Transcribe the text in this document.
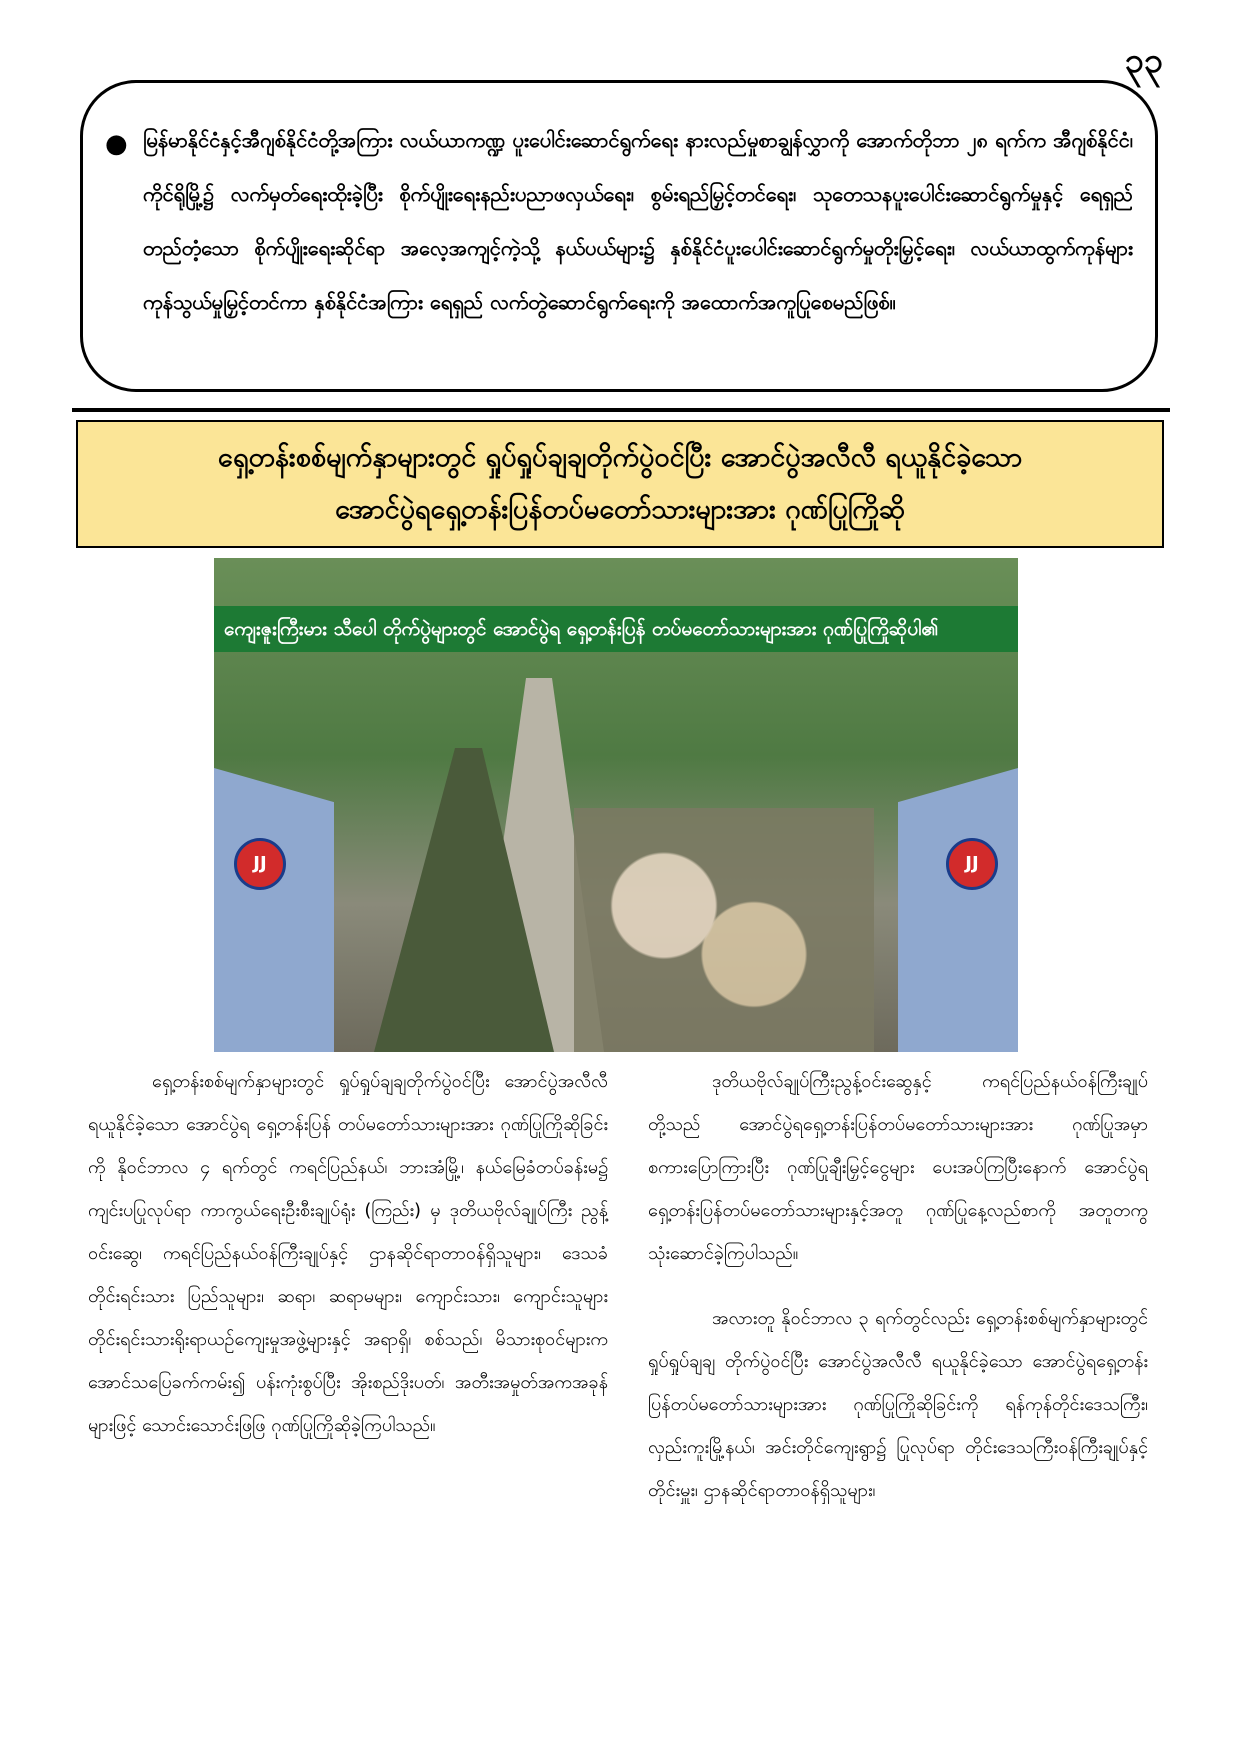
၃၃
● မြန်မာနိုင်ငံနှင့်အီဂျစ်နိုင်ငံတို့အကြား လယ်ယာကဏ္ဍ ပူးပေါင်းဆောင်ရွက်ရေး နားလည်မှုစာချွန်လွှာကို အောက်တိုဘာ ၂၈ ရက်က အီဂျစ်နိုင်ငံ၊ ကိုင်ရိုမြို့၌ လက်မှတ်ရေးထိုးခဲ့ပြီး စိုက်ပျိုးရေးနည်းပညာဖလှယ်ရေး၊ စွမ်းရည်မြှင့်တင်ရေး၊ သုတေသနပူးပေါင်းဆောင်ရွက်မှုနှင့် ရေရှည်တည်တံ့သော စိုက်ပျိုးရေးဆိုင်ရာ အလေ့အကျင့်ကဲ့သို့ နယ်ပယ်များ၌ နှစ်နိုင်ငံပူးပေါင်းဆောင်ရွက်မှုတိုးမြှင့်ရေး၊ လယ်ယာထွက်ကုန်များ ကုန်သွယ်မှုမြှင့်တင်ကာ နှစ်နိုင်ငံအကြား ရေရှည် လက်တွဲဆောင်ရွက်ရေးကို အထောက်အကူပြုစေမည်ဖြစ်။
ရှေ့တန်းစစ်မျက်နှာများတွင် ရှုပ်ရှုပ်ချချတိုက်ပွဲဝင်ပြီး အောင်ပွဲအလီလီ ရယူနိုင်ခဲ့သော
အောင်ပွဲရရှေ့တန်းပြန်တပ်မတော်သားများအား ဂုဏ်ပြုကြိုဆို
ကျေးဇူးကြီးမား သီပေါ တိုက်ပွဲများတွင် အောင်ပွဲရ ရှေ့တန်းပြန် တပ်မတော်သားများအား ဂုဏ်ပြုကြိုဆိုပါ၏
JJ	JJ

ရှေ့တန်းစစ်မျက်နှာများတွင် ရှုပ်ရှုပ်ချချတိုက်ပွဲဝင်ပြီး အောင်ပွဲအလီလီ ရယူနိုင်ခဲ့သော အောင်ပွဲရ ရှေ့တန်းပြန် တပ်မတော်သားများအား ဂုဏ်ပြုကြိုဆိုခြင်းကို နိုဝင်ဘာလ ၄ ရက်တွင် ကရင်ပြည်နယ်၊ ဘားအံမြို့၊ နယ်မြေခံတပ်ခန်းမ၌ ကျင်းပပြုလုပ်ရာ ကာကွယ်ရေးဦးစီးချုပ်ရုံး (ကြည်း) မှ ဒုတိယဗိုလ်ချုပ်ကြီး ညွန့်ဝင်းဆွေ၊ ကရင်ပြည်နယ်ဝန်ကြီးချုပ်နှင့် ဌာနဆိုင်ရာတာဝန်ရှိသူများ၊ ဒေသခံတိုင်းရင်းသား ပြည်သူများ၊ ဆရာ၊ ဆရာမများ၊ ကျောင်းသား၊ ကျောင်းသူများ တိုင်းရင်းသားရိုးရာယဉ်ကျေးမှုအဖွဲ့များနှင့် အရာရှိ၊ စစ်သည်၊ မိသားစုဝင်များက အောင်သပြေခက်ကမ်း၍ ပန်းကုံးစွပ်ပြီး အိုးစည်ဒိုးပတ်၊ အတီးအမှုတ်အကအခုန်များဖြင့် သောင်းသောင်းဖြဖြ ဂုဏ်ပြုကြိုဆိုခဲ့ကြပါသည်။

ဒုတိယဗိုလ်ချုပ်ကြီးညွန့်ဝင်းဆွေနှင့် ကရင်ပြည်နယ်ဝန်ကြီးချုပ်တို့သည် အောင်ပွဲရရှေ့တန်းပြန်တပ်မတော်သားများအား ဂုဏ်ပြုအမှာစကားပြောကြားပြီး ဂုဏ်ပြုချီးမြှင့်ငွေများ ပေးအပ်ကြပြီးနောက် အောင်ပွဲရရှေ့တန်းပြန်တပ်မတော်သားများနှင့်အတူ ဂုဏ်ပြုနေ့လည်စာကို အတူတကွ သုံးဆောင်ခဲ့ကြပါသည်။

အလားတူ နိုဝင်ဘာလ ၃ ရက်တွင်လည်း ရှေ့တန်းစစ်မျက်နှာများတွင် ရှုပ်ရှုပ်ချချ တိုက်ပွဲဝင်ပြီး အောင်ပွဲအလီလီ ရယူနိုင်ခဲ့သော အောင်ပွဲရရှေ့တန်းပြန်တပ်မတော်သားများအား ဂုဏ်ပြုကြိုဆိုခြင်းကို ရန်ကုန်တိုင်းဒေသကြီး၊ လှည်းကူးမြို့နယ်၊ အင်းတိုင်ကျေးရွာ၌ ပြုလုပ်ရာ တိုင်းဒေသကြီးဝန်ကြီးချုပ်နှင့် တိုင်းမှူး၊ ဌာနဆိုင်ရာတာဝန်ရှိသူများ၊
